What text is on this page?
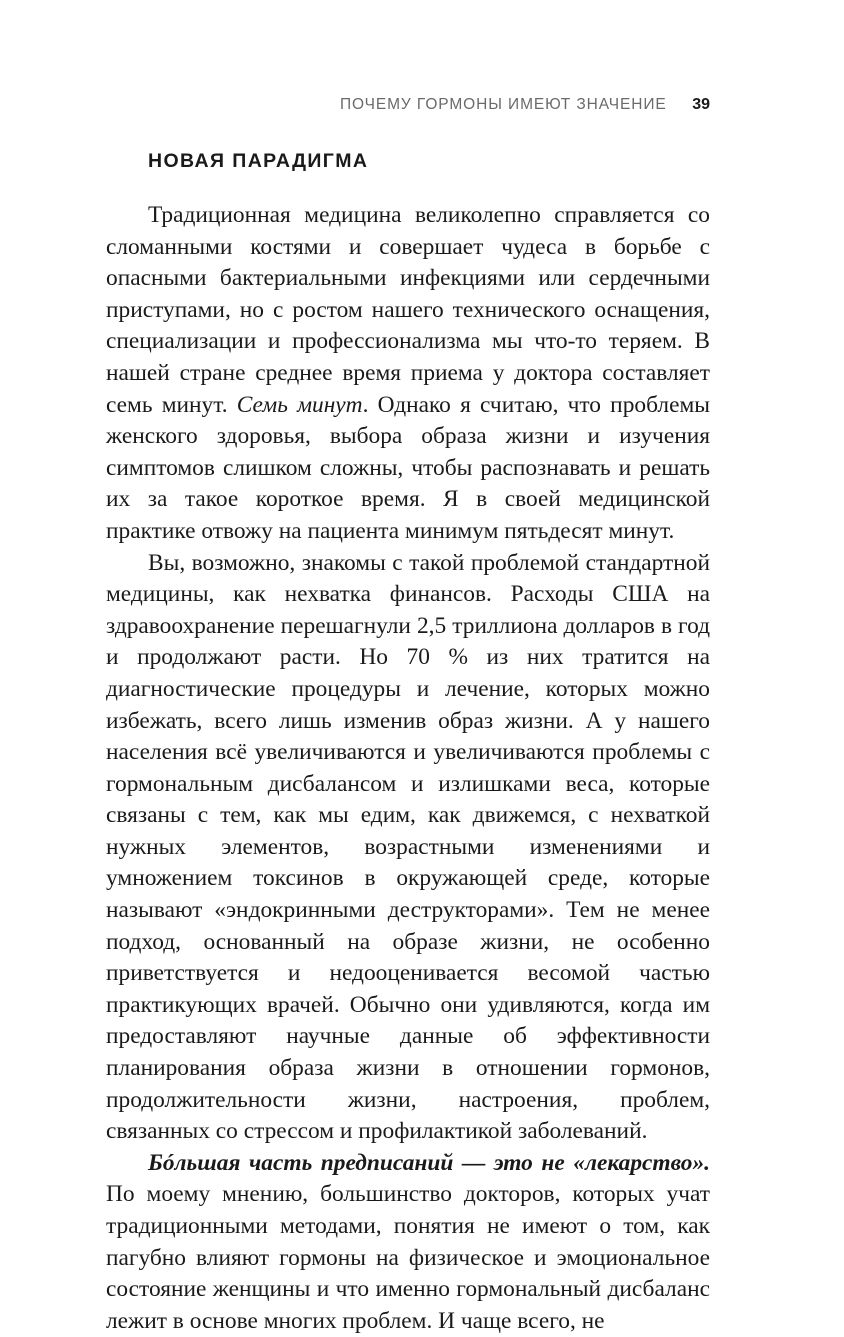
ПОЧЕМУ ГОРМОНЫ ИМЕЮТ ЗНАЧЕНИЕ 39
НОВАЯ ПАРАДИГМА

Традиционная медицина великолепно справляется со сломанными костями и совершает чудеса в борьбе с опасными бактериальными инфекциями или сердечными приступами, но с ростом нашего технического оснащения, специализации и профессионализма мы что-то теряем. В нашей стране среднее время приема у доктора составляет семь минут. Семь минут. Однако я считаю, что проблемы женского здоровья, выбора образа жизни и изучения симптомов слишком сложны, чтобы распознавать и решать их за такое короткое время. Я в своей медицинской практике отвожу на пациента минимум пятьдесят минут.

Вы, возможно, знакомы с такой проблемой стандартной медицины, как нехватка финансов. Расходы США на здравоохранение перешагнули 2,5 триллиона долларов в год и продолжают расти. Но 70 % из них тратится на диагностические процедуры и лечение, которых можно избежать, всего лишь изменив образ жизни. А у нашего населения всё увеличиваются и увеличиваются проблемы с гормональным дисбалансом и излишками веса, которые связаны с тем, как мы едим, как движемся, с нехваткой нужных элементов, возрастными изменениями и умножением токсинов в окружающей среде, которые называют «эндокринными деструкторами». Тем не менее подход, основанный на образе жизни, не особенно приветствуется и недооценивается весомой частью практикующих врачей. Обычно они удивляются, когда им предоставляют научные данные об эффективности планирования образа жизни в отношении гормонов, продолжительности жизни, настроения, проблем, связанных со стрессом и профилактикой заболеваний.

Бóльшая часть предписаний — это не «лекарство». По моему мнению, большинство докторов, которых учат традиционными методами, понятия не имеют о том, как пагубно влияют гормоны на физическое и эмоциональное состояние женщины и что именно гормональный дисбаланс лежит в основе многих проблем. И чаще всего, не
